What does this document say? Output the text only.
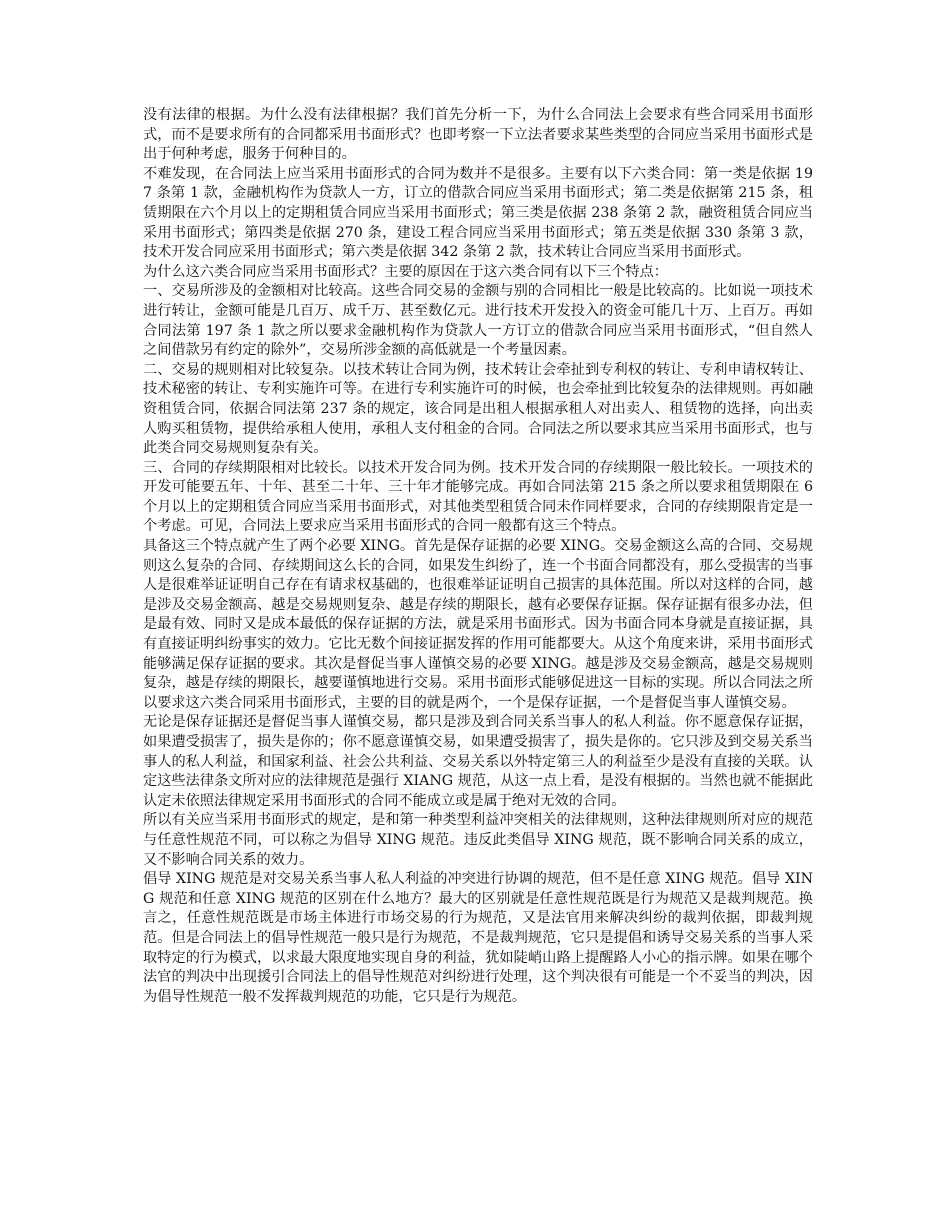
没有法律的根据。为什么没有法律根据？我们首先分析一下，为什么合同法上会要求有些合同采用书面形式，而不是要求所有的合同都采用书面形式？也即考察一下立法者要求某些类型的合同应当采用书面形式是出于何种考虑，服务于何种目的。

不难发现，在合同法上应当采用书面形式的合同为数并不是很多。主要有以下六类合同：第一类是依据 197 条第 1 款，金融机构作为贷款人一方，订立的借款合同应当采用书面形式；第二类是依据第 215 条，租赁期限在六个月以上的定期租赁合同应当采用书面形式；第三类是依据 238 条第 2 款，融资租赁合同应当采用书面形式；第四类是依据 270 条，建设工程合同应当采用书面形式；第五类是依据 330 条第 3 款，技术开发合同应采用书面形式；第六类是依据 342 条第 2 款，技术转让合同应当采用书面形式。

为什么这六类合同应当采用书面形式？主要的原因在于这六类合同有以下三个特点：

一、交易所涉及的金额相对比较高。这些合同交易的金额与别的合同相比一般是比较高的。比如说一项技术进行转让，金额可能是几百万、成千万、甚至数亿元。进行技术开发投入的资金可能几十万、上百万。再如合同法第 197 条 1 款之所以要求金融机构作为贷款人一方订立的借款合同应当采用书面形式，“但自然人之间借款另有约定的除外”，交易所涉金额的高低就是一个考量因素。

二、交易的规则相对比较复杂。以技术转让合同为例，技术转让会牵扯到专利权的转让、专利申请权转让、技术秘密的转让、专利实施许可等。在进行专利实施许可的时候，也会牵扯到比较复杂的法律规则。再如融资租赁合同，依据合同法第 237 条的规定，该合同是出租人根据承租人对出卖人、租赁物的选择，向出卖人购买租赁物，提供给承租人使用，承租人支付租金的合同。合同法之所以要求其应当采用书面形式，也与此类合同交易规则复杂有关。

三、合同的存续期限相对比较长。以技术开发合同为例。技术开发合同的存续期限一般比较长。一项技术的开发可能要五年、十年、甚至二十年、三十年才能够完成。再如合同法第 215 条之所以要求租赁期限在 6 个月以上的定期租赁合同应当采用书面形式，对其他类型租赁合同未作同样要求，合同的存续期限肯定是一个考虑。可见，合同法上要求应当采用书面形式的合同一般都有这三个特点。

具备这三个特点就产生了两个必要 XING。首先是保存证据的必要 XING。交易金额这么高的合同、交易规则这么复杂的合同、存续期间这么长的合同，如果发生纠纷了，连一个书面合同都没有，那么受损害的当事人是很难举证证明自己存在有请求权基础的，也很难举证证明自己损害的具体范围。所以对这样的合同，越是涉及交易金额高、越是交易规则复杂、越是存续的期限长，越有必要保存证据。保存证据有很多办法，但是最有效、同时又是成本最低的保存证据的方法，就是采用书面形式。因为书面合同本身就是直接证据，具有直接证明纠纷事实的效力。它比无数个间接证据发挥的作用可能都要大。从这个角度来讲，采用书面形式能够满足保存证据的要求。其次是督促当事人谨慎交易的必要 XING。越是涉及交易金额高，越是交易规则复杂，越是存续的期限长，越要谨慎地进行交易。采用书面形式能够促进这一目标的实现。所以合同法之所以要求这六类合同采用书面形式，主要的目的就是两个，一个是保存证据，一个是督促当事人谨慎交易。

无论是保存证据还是督促当事人谨慎交易，都只是涉及到合同关系当事人的私人利益。你不愿意保存证据，如果遭受损害了，损失是你的；你不愿意谨慎交易，如果遭受损害了，损失是你的。它只涉及到交易关系当事人的私人利益，和国家利益、社会公共利益、交易关系以外特定第三人的利益至少是没有直接的关联。认定这些法律条文所对应的法律规范是强行 XIANG 规范，从这一点上看，是没有根据的。当然也就不能据此认定未依照法律规定采用书面形式的合同不能成立或是属于绝对无效的合同。

所以有关应当采用书面形式的规定，是和第一种类型利益冲突相关的法律规则，这种法律规则所对应的规范与任意性规范不同，可以称之为倡导 XING 规范。违反此类倡导 XING 规范，既不影响合同关系的成立，又不影响合同关系的效力。

倡导 XING 规范是对交易关系当事人私人利益的冲突进行协调的规范，但不是任意 XING 规范。倡导 XING 规范和任意 XING 规范的区别在什么地方？最大的区别就是任意性规范既是行为规范又是裁判规范。换言之，任意性规范既是市场主体进行市场交易的行为规范，又是法官用来解决纠纷的裁判依据，即裁判规范。但是合同法上的倡导性规范一般只是行为规范，不是裁判规范，它只是提倡和诱导交易关系的当事人采取特定的行为模式，以求最大限度地实现自身的利益，犹如陡峭山路上提醒路人小心的指示牌。如果在哪个法官的判决中出现援引合同法上的倡导性规范对纠纷进行处理，这个判决很有可能是一个不妥当的判决，因为倡导性规范一般不发挥裁判规范的功能，它只是行为规范。
